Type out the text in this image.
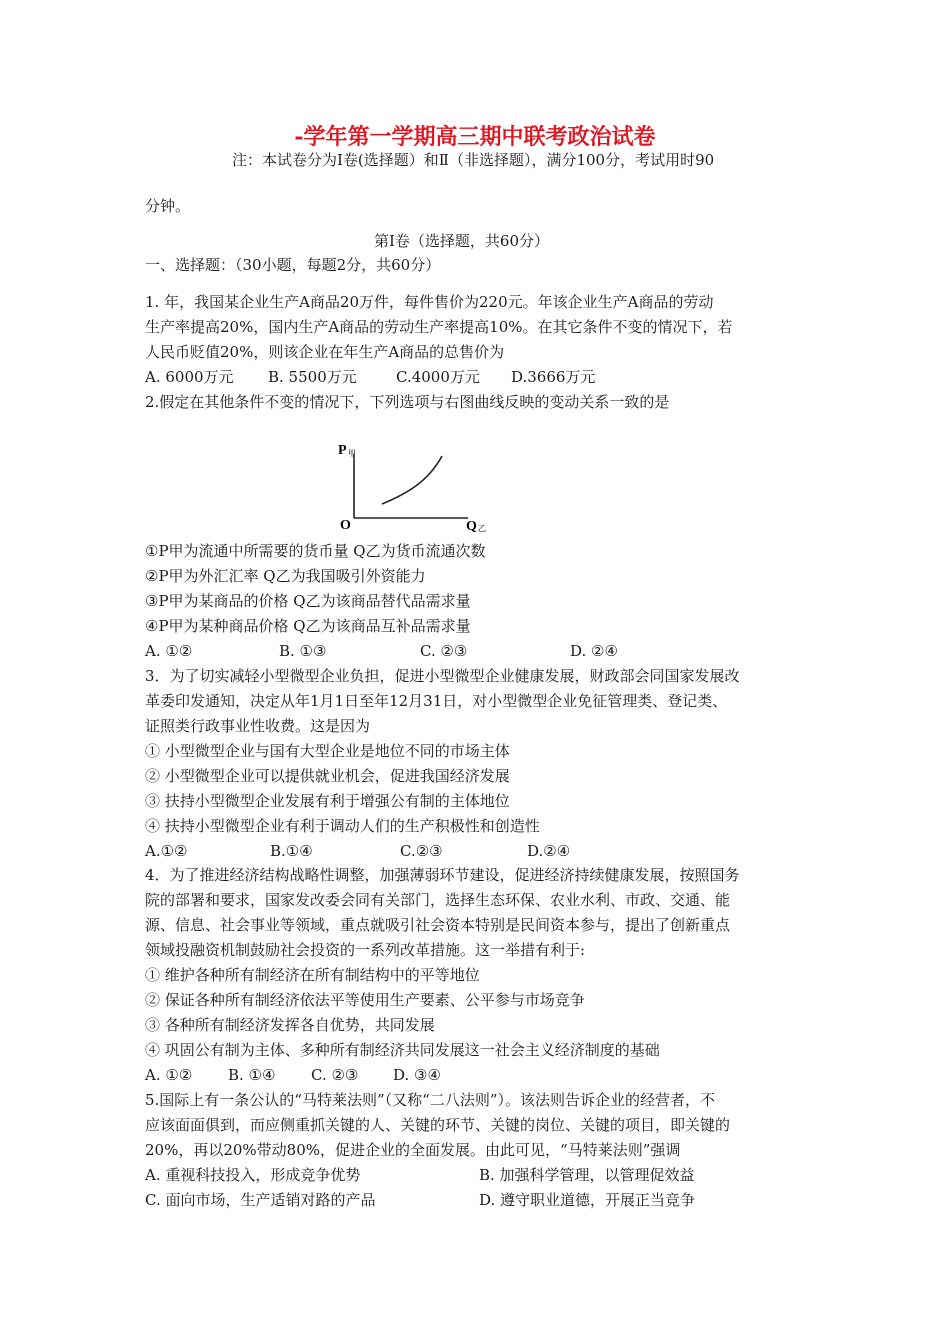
-学年第一学期高三期中联考政治试卷
注：本试卷分为Ⅰ卷(选择题）和Ⅱ（非选择题），满分100分，考试用时90
分钟。
第Ⅰ卷（选择题，共60分）
一、选择题：（30小题，每题2分，共60分）
1. 年，我国某企业生产A商品20万件，每件售价为220元。年该企业生产A商品的劳动
生产率提高20%，国内生产A商品的劳动生产率提高10%。在其它条件不变的情况下，若
人民币贬值20%，则该企业在年生产A商品的总售价为
A. 6000万元 B. 5500万元	C.4000万元 D.3666万元
2.假定在其他条件不变的情况下，下列选项与右图曲线反映的变动关系一致的是
P 甲
O	Q 乙
①P甲为流通中所需要的货币量 Q乙为货币流通次数
②P甲为外汇汇率 Q乙为我国吸引外资能力
③P甲为某商品的价格 Q乙为该商品替代品需求量
④P甲为某种商品价格 Q乙为该商品互补品需求量
A. ①②	B. ①③	C. ②③	D. ②④
3．为了切实减轻小型微型企业负担，促进小型微型企业健康发展，财政部会同国家发展改
革委印发通知，决定从年1月1日至年12月31日，对小型微型企业免征管理类、登记类、
证照类行政事业性收费。这是因为
① 小型微型企业与国有大型企业是地位不同的市场主体
② 小型微型企业可以提供就业机会，促进我国经济发展
③ 扶持小型微型企业发展有利于增强公有制的主体地位
④ 扶持小型微型企业有利于调动人们的生产积极性和创造性
A.①②	B.①④	C.②③	D.②④
4．为了推进经济结构战略性调整，加强薄弱环节建设，促进经济持续健康发展，按照国务
院的部署和要求，国家发改委会同有关部门，选择生态环保、农业水利、市政、交通、能
源、信息、社会事业等领域，重点就吸引社会资本特别是民间资本参与，提出了创新重点
领域投融资机制鼓励社会投资的一系列改革措施。这一举措有利于:
① 维护各种所有制经济在所有制结构中的平等地位
② 保证各种所有制经济依法平等使用生产要素、公平参与市场竞争
③ 各种所有制经济发挥各自优势，共同发展
④ 巩固公有制为主体、多种所有制经济共同发展这一社会主义经济制度的基础
A. ①② B. ①④ C. ②③ D. ③④
5.国际上有一条公认的“马特莱法则”（又称“二八法则”）。该法则告诉企业的经营者，不
应该面面俱到，而应侧重抓关键的人、关键的环节、关键的岗位、关键的项目，即关键的
20%，再以20%带动80%，促进企业的全面发展。由此可见，“马特莱法则”强调
A. 重视科技投入，形成竞争优势	B. 加强科学管理，以管理促效益
C. 面向市场，生产适销对路的产品	D. 遵守职业道德，开展正当竞争
